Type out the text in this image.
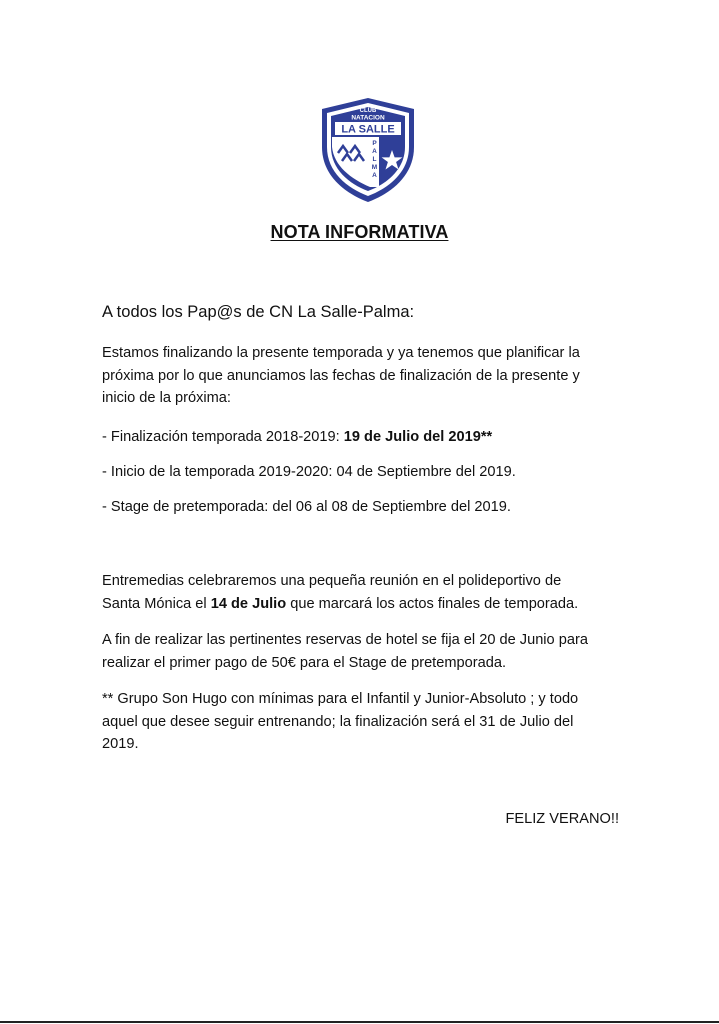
CLUB
NATACION
LA SALLE
P
A
L
M
A
NOTA INFORMATIVA
A todos los Pap@s de CN La Salle-Palma:
Estamos finalizando la presente temporada y ya tenemos que planificar la
próxima por lo que anunciamos las fechas de finalización de la presente y
inicio de la próxima:
- Finalización temporada 2018-2019: 19 de Julio del 2019**
- Inicio de la temporada 2019-2020: 04 de Septiembre del 2019.
- Stage de pretemporada: del 06 al 08 de Septiembre del 2019.
Entremedias celebraremos una pequeña reunión en el polideportivo de
Santa Mónica el 14 de Julio que marcará los actos finales de temporada.
A fin de realizar las pertinentes reservas de hotel se fija el 20 de Junio para
realizar el primer pago de 50€ para el Stage de pretemporada.
** Grupo Son Hugo con mínimas para el Infantil y Junior-Absoluto ; y todo
aquel que desee seguir entrenando; la finalización será el 31 de Julio del
2019.
FELIZ VERANO!!
